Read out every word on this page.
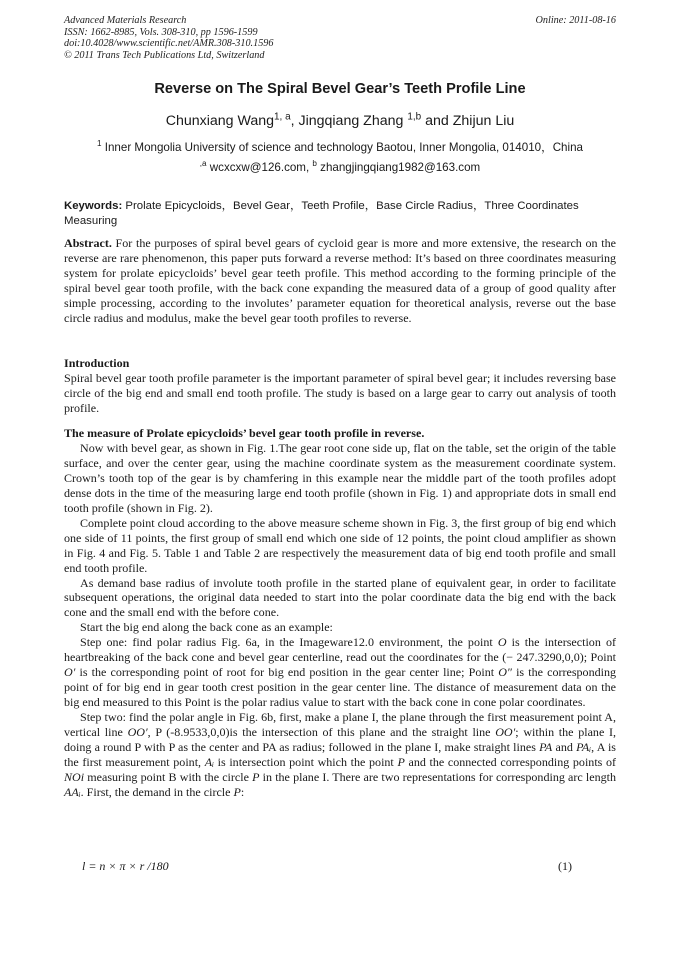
Advanced Materials Research
ISSN: 1662-8985, Vols. 308-310, pp 1596-1599
doi:10.4028/www.scientific.net/AMR.308-310.1596
© 2011 Trans Tech Publications Ltd, Switzerland
Online: 2011-08-16
Reverse on The Spiral Bevel Gear’s Teeth Profile Line
Chunxiang Wang$^{1, a}$, Jingqiang Zhang $^{1,b}$ and Zhijun Liu
$^1$ Inner Mongolia University of science and technology Baotou, Inner Mongolia, 014010，China
$^{,a}$ wcxcxw@126.com, $^b$ zhangjingqiang1982@163.com
Keywords: Prolate Epicycloids，Bevel Gear，Teeth Profile，Base Circle Radius，Three Coordinates Measuring

Abstract. For the purposes of spiral bevel gears of cycloid gear is more and more extensive, the research on the reverse are rare phenomenon, this paper puts forward a reverse method: It’s based on three coordinates measuring system for prolate epicycloids’ bevel gear teeth profile. This method according to the forming principle of the spiral bevel gear tooth profile, with the back cone expanding the measured data of a group of good quality after simple processing, according to the involutes’ parameter equation for theoretical analysis, reverse out the base circle radius and modulus, make the bevel gear tooth profiles to reverse.

Introduction

Spiral bevel gear tooth profile parameter is the important parameter of spiral bevel gear; it includes reversing base circle of the big end and small end tooth profile. The study is based on a large gear to carry out analysis of tooth profile.

The measure of Prolate epicycloids’ bevel gear tooth profile in reverse.

Now with bevel gear, as shown in Fig. 1.The gear root cone side up, flat on the table, set the origin of the table surface, and over the center gear, using the machine coordinate system as the measurement coordinate system. Crown’s tooth top of the gear is by chamfering in this example near the middle part of the tooth profiles adopt dense dots in the time of the measuring large end tooth profile (shown in Fig. 1) and appropriate dots in small end tooth profile (shown in Fig. 2).

Complete point cloud according to the above measure scheme shown in Fig. 3, the first group of big end which one side of 11 points, the first group of small end which one side of 12 points, the point cloud amplifier as shown in Fig. 4 and Fig. 5. Table 1 and Table 2 are respectively the measurement data of big end tooth profile and small end tooth profile.

As demand base radius of involute tooth profile in the started plane of equivalent gear, in order to facilitate subsequent operations, the original data needed to start into the polar coordinate data the big end with the back cone and the small end with the before cone.

Start the big end along the back cone as an example:

Step one: find polar radius Fig. 6a, in the Imageware12.0 environment, the point O is the intersection of heartbreaking of the back cone and bevel gear centerline, read out the coordinates for the (− 247.3290,0,0); Point O′ is the corresponding point of root for big end position in the gear center line; Point O″ is the corresponding point of for big end in gear tooth crest position in the gear center line. The distance of measurement data on the big end measured to this Point is the polar radius value to start with the back cone in cone polar coordinates.

Step two: find the polar angle in Fig. 6b, first, make a plane I, the plane through the first measurement point A, vertical line OO′, P (-8.9533,0,0)is the intersection of this plane and the straight line OO′; within the plane I, doing a round P with P as the center and PA as radius; followed in the plane I, make straight lines PA and PAᵢ, A is the first measurement point, Aᵢ is intersection point which the point P and the connected corresponding points of NOi measuring point B with the circle P in the plane I. There are two representations for corresponding arc length AAᵢ. First, the demand in the circle P:

l = n × π × r /180	(1)
